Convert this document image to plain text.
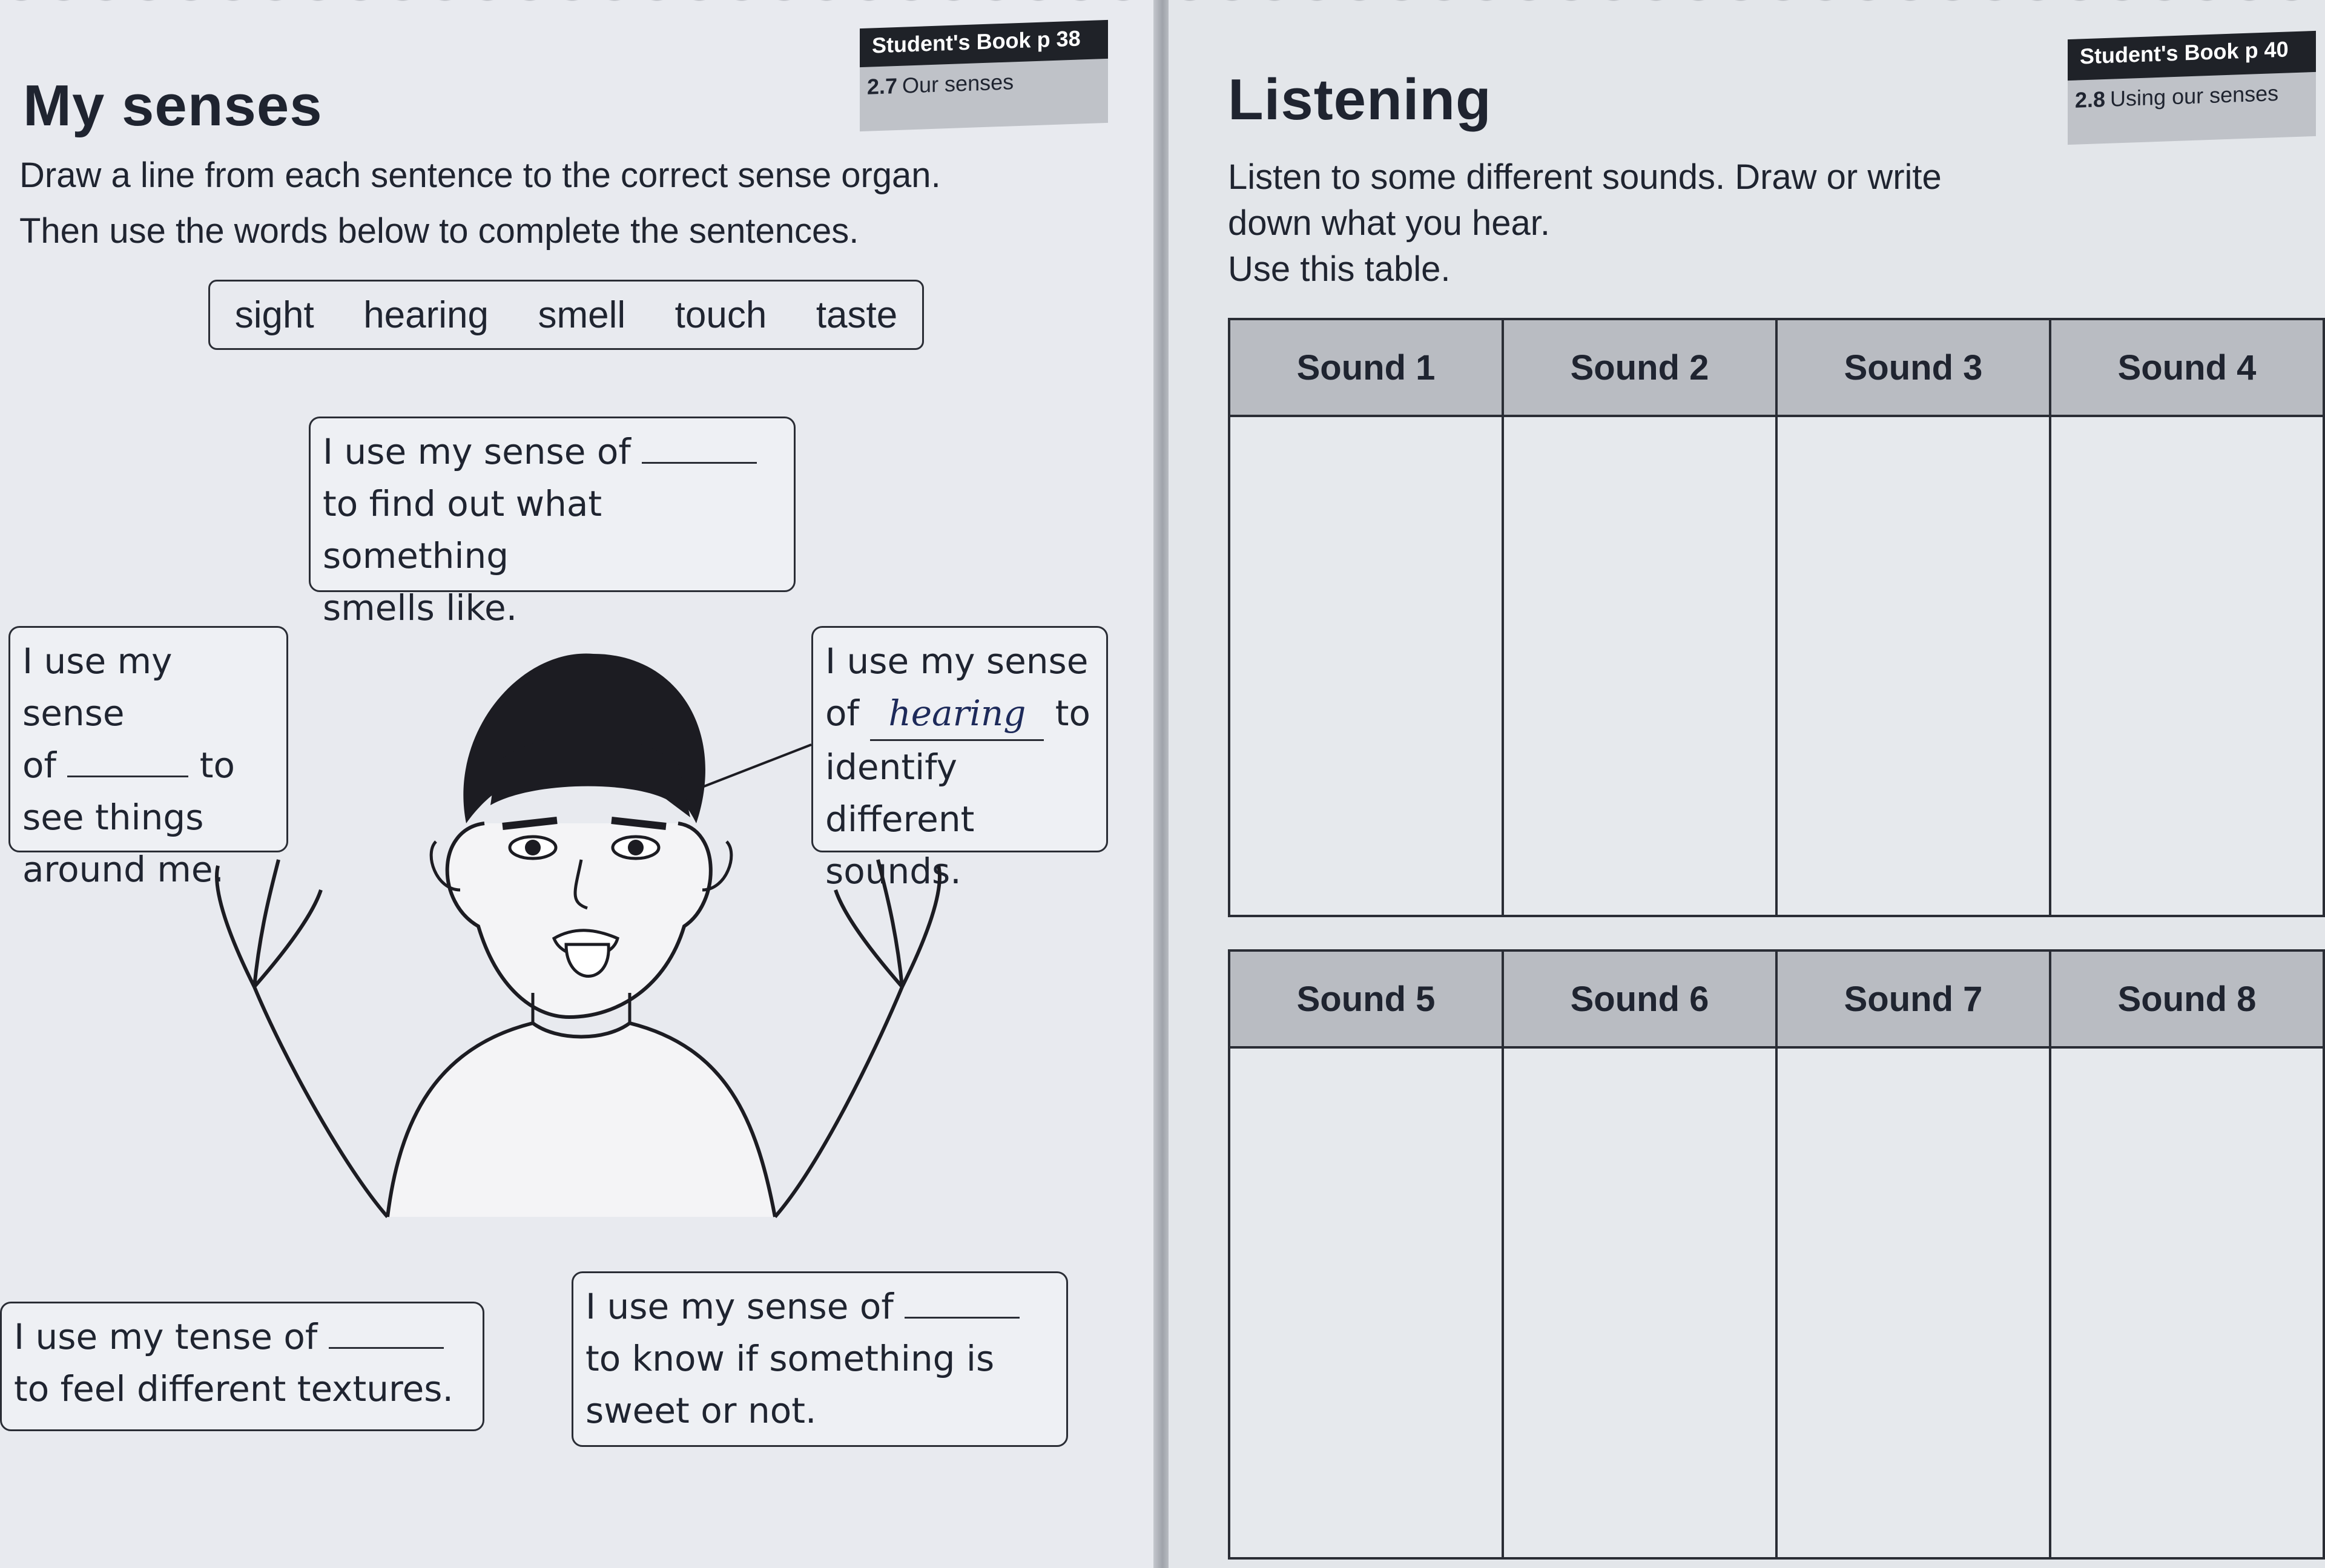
Student's Book p 38
2.7 Our senses
My senses
Draw a line from each sentence to the correct sense organ.
Then use the words below to complete the sentences.
sight hearing smell touch taste
I use my sense of
to find out what something
smells like.
I use my sense
of	to
see things
around me.
I use my sense
of hearing to
identify different
sounds.
I use my tense of
to feel different textures.
I use my sense of
to know if something is
sweet or not.
Student's Book p 40
2.8 Using our senses
Listening
Listen to some different sounds. Draw or write
down what you hear.
Use this table.
Sound 1	Sound 2	Sound 3	Sound 4

Sound 5	Sound 6	Sound 7	Sound 8
